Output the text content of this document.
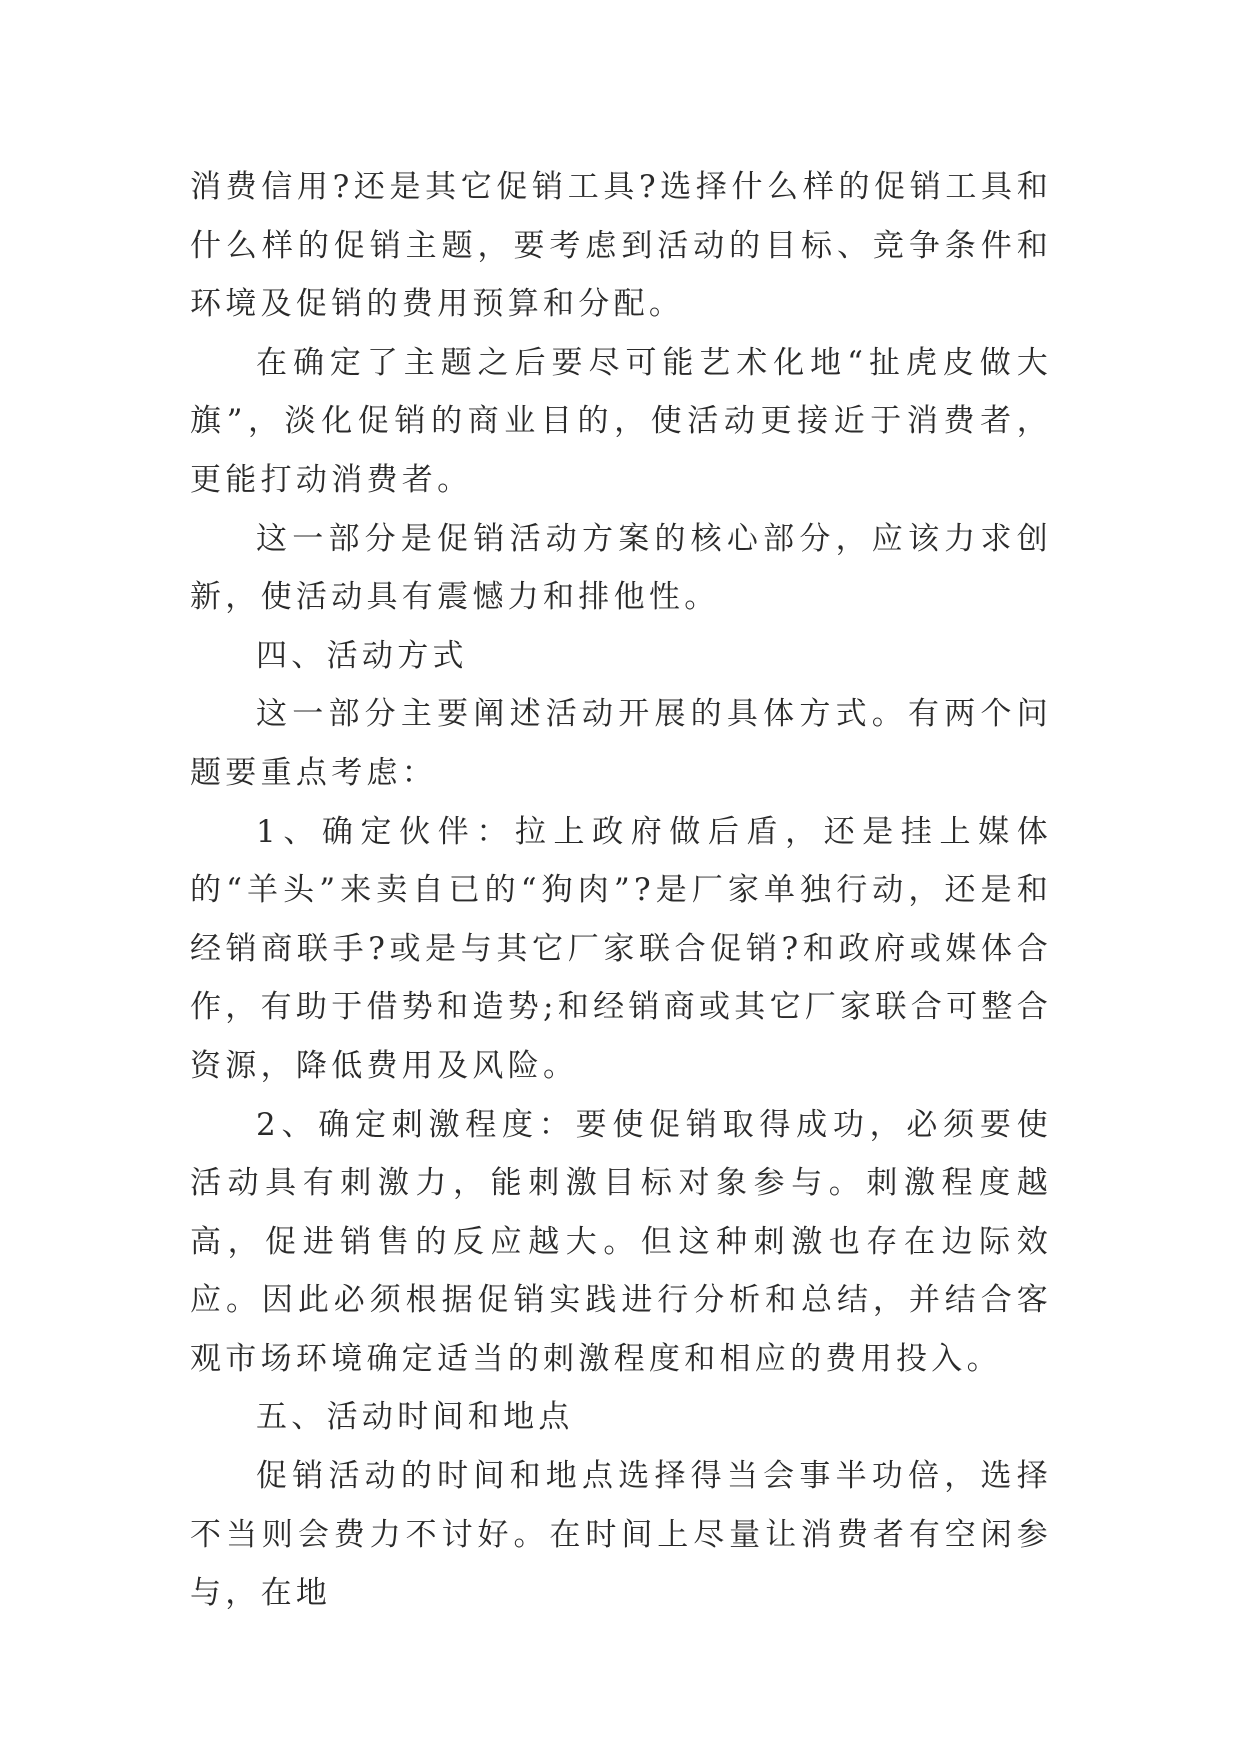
消费信用?还是其它促销工具?选择什么样的促销工具和什么样的促销主题，要考虑到活动的目标、竞争条件和环境及促销的费用预算和分配。

在确定了主题之后要尽可能艺术化地“扯虎皮做大旗”，淡化促销的商业目的，使活动更接近于消费者，更能打动消费者。

这一部分是促销活动方案的核心部分，应该力求创新，使活动具有震憾力和排他性。

四、活动方式

这一部分主要阐述活动开展的具体方式。有两个问题要重点考虑：

1、确定伙伴：拉上政府做后盾，还是挂上媒体的“羊头”来卖自已的“狗肉”?是厂家单独行动，还是和经销商联手?或是与其它厂家联合促销?和政府或媒体合作，有助于借势和造势;和经销商或其它厂家联合可整合资源，降低费用及风险。

2、确定刺激程度：要使促销取得成功，必须要使活动具有刺激力，能刺激目标对象参与。刺激程度越高，促进销售的反应越大。但这种刺激也存在边际效应。因此必须根据促销实践进行分析和总结，并结合客观市场环境确定适当的刺激程度和相应的费用投入。

五、活动时间和地点

促销活动的时间和地点选择得当会事半功倍，选择不当则会费力不讨好。在时间上尽量让消费者有空闲参与，在地
